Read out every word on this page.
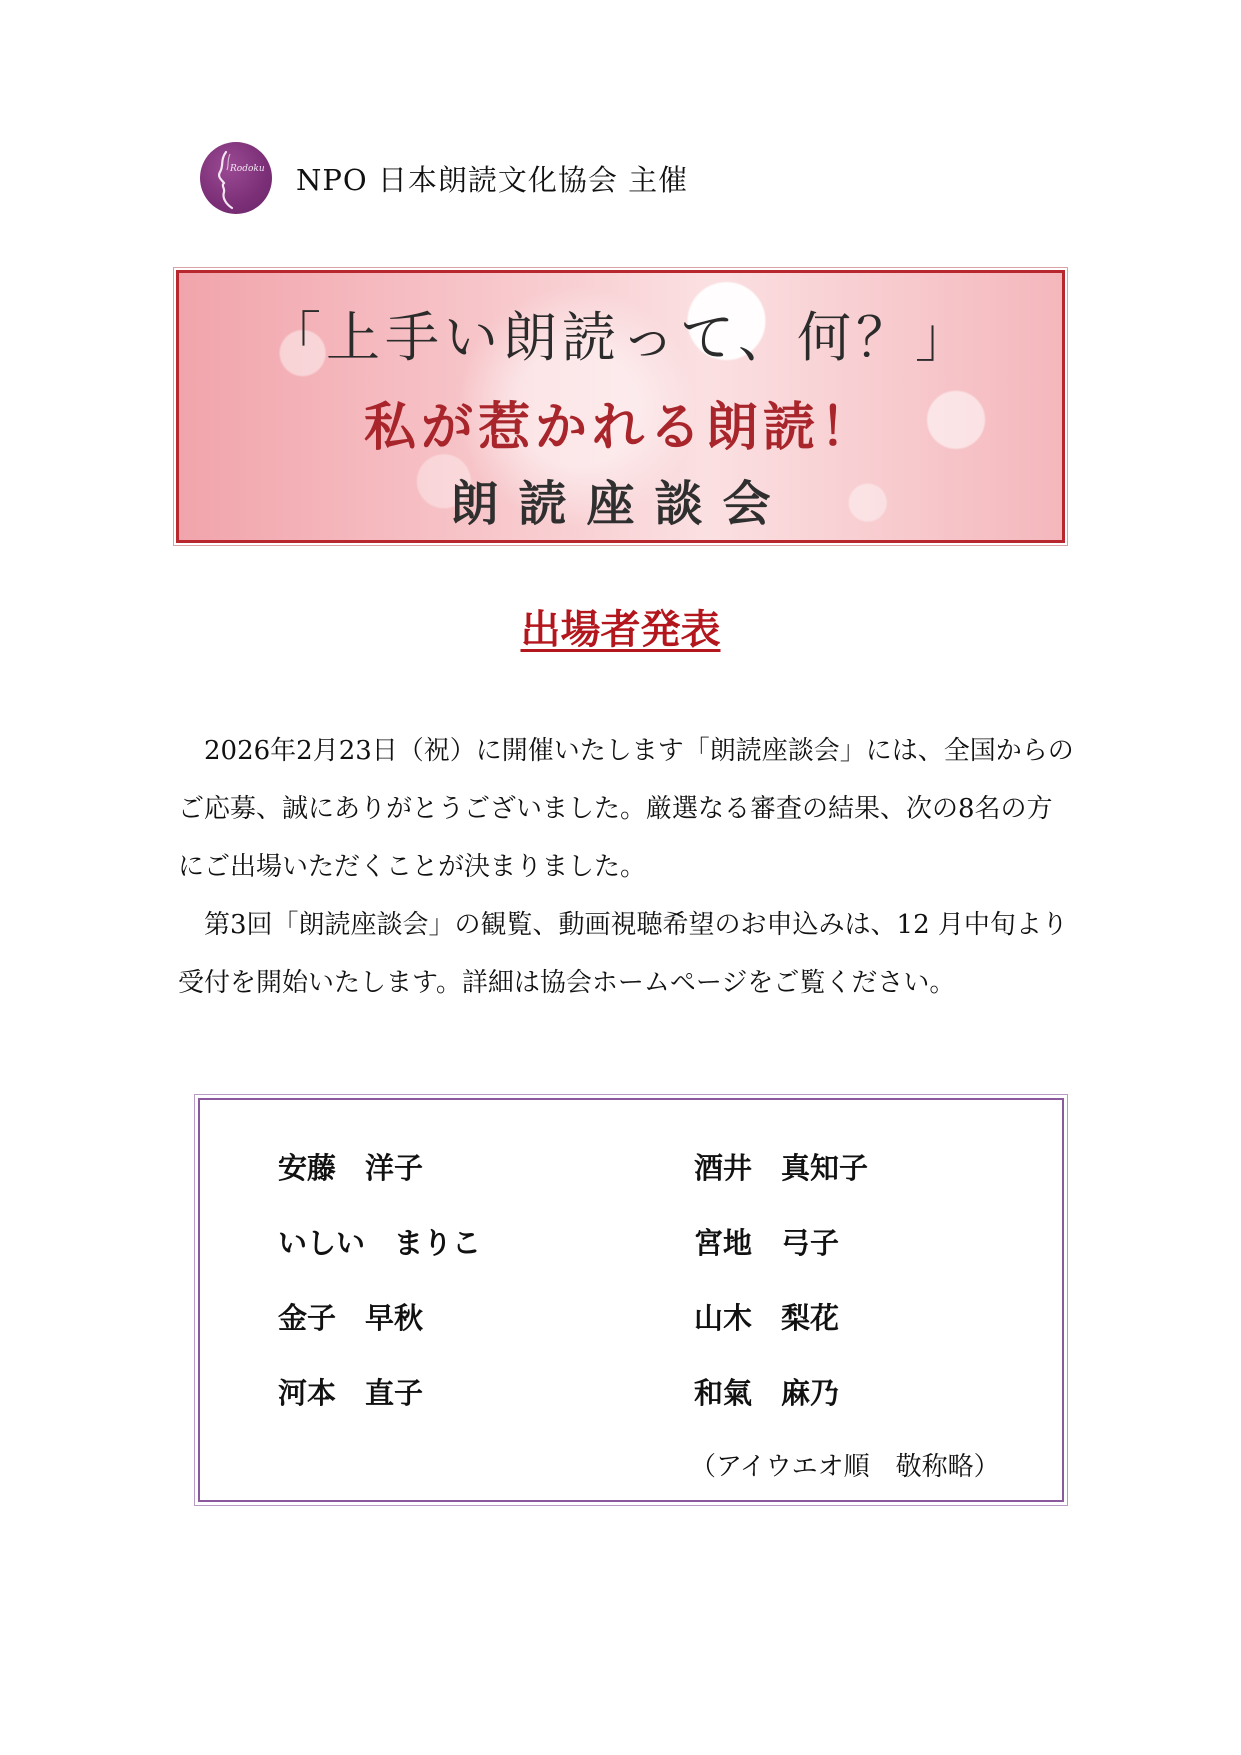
Rodoku NPO 日本朗読文化協会 主催
「上手い朗読って、何？」
私が惹かれる朗読！
朗読座談会
出場者発表

2026年2月23日（祝）に開催いたします「朗読座談会」には、全国からのご応募、誠にありがとうございました。厳選なる審査の結果、次の8名の方にご出場いただくことが決まりました。

第3回「朗読座談会」の観覧、動画視聴希望のお申込みは、12 月中旬より受付を開始いたします。詳細は協会ホームページをご覧ください。

安藤　洋子
いしい　まりこ
金子　早秋
河本　直子
酒井　真知子
宮地　弓子
山木　梨花
和氣　麻乃
（アイウエオ順　敬称略）
